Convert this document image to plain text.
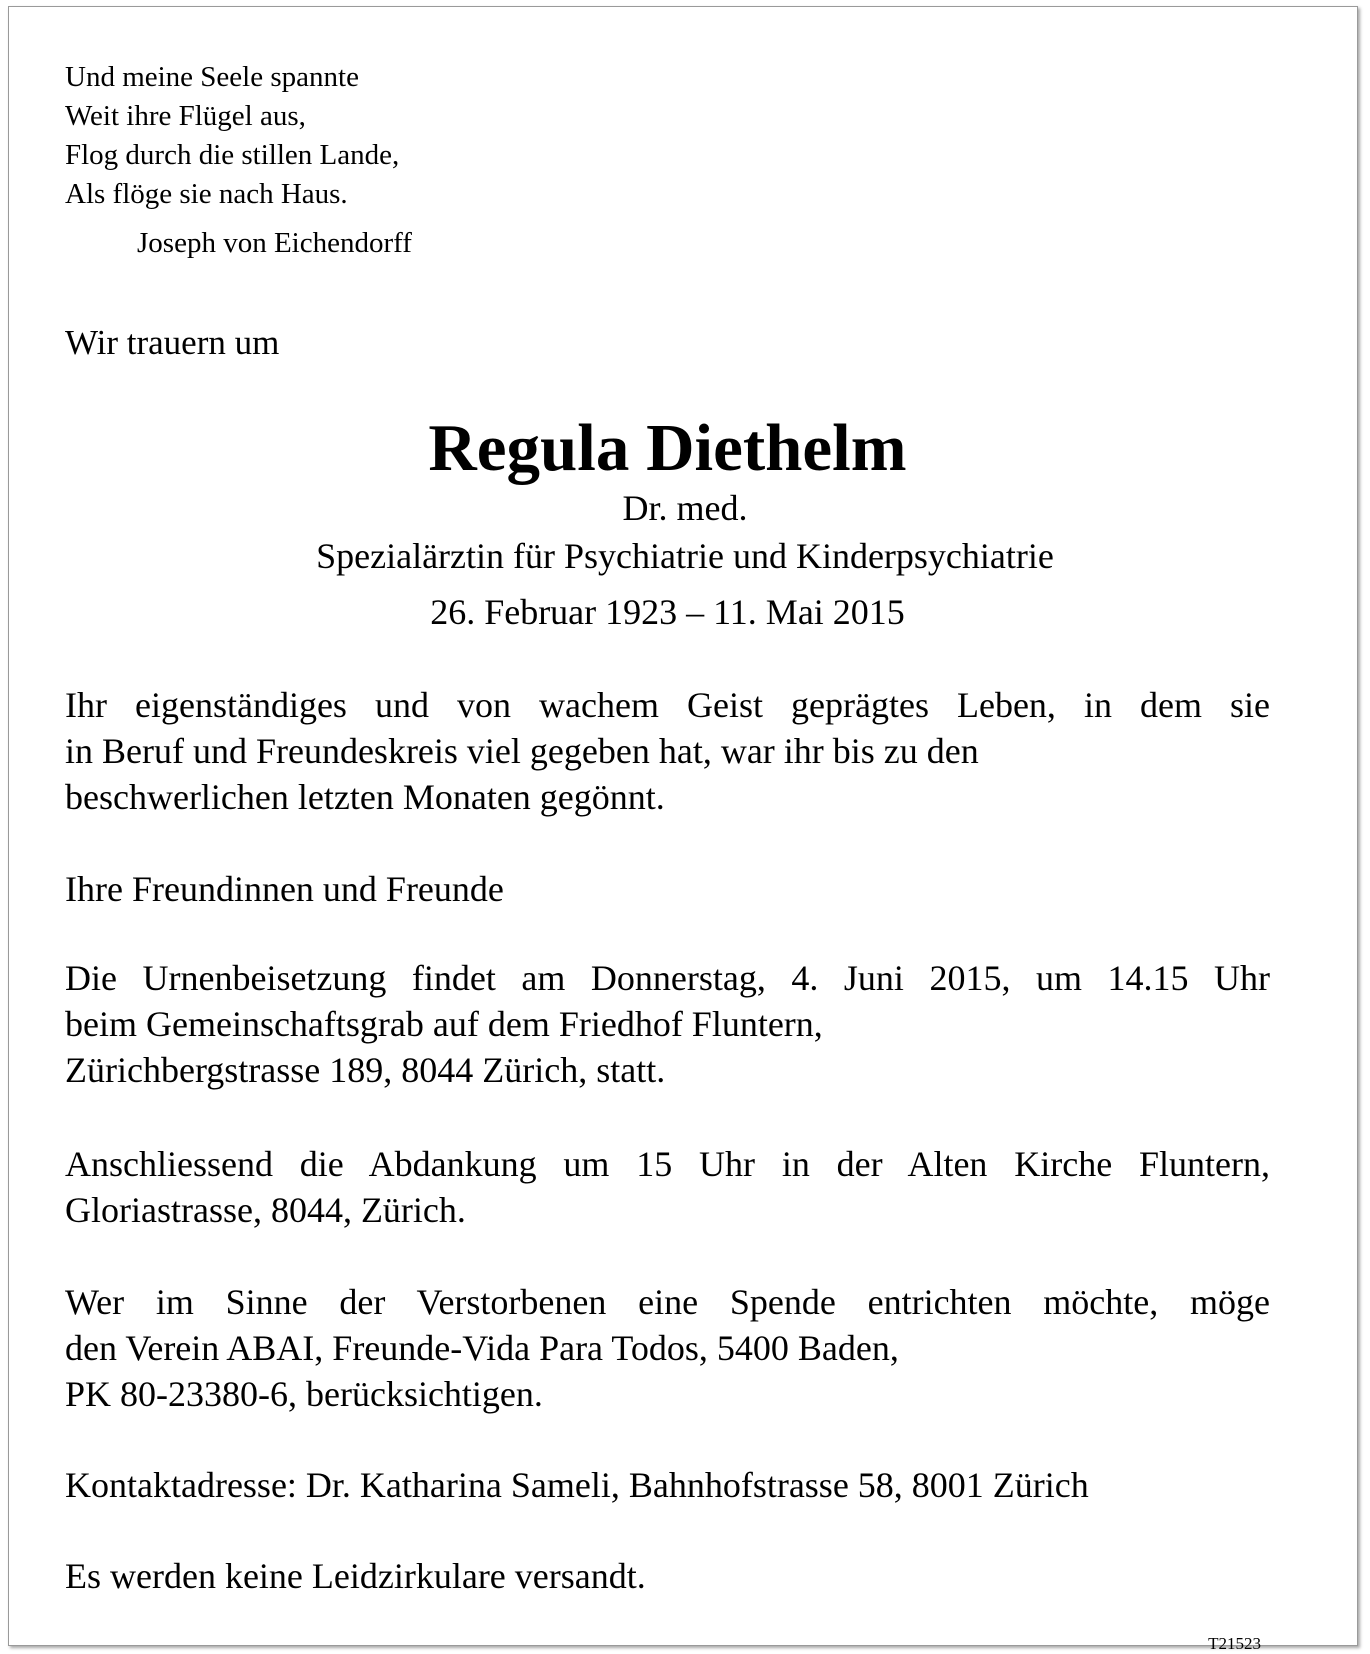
Und meine Seele spannte
Weit ihre Flügel aus,
Flog durch die stillen Lande,
Als flöge sie nach Haus.
Joseph von Eichendorff
Wir trauern um
Regula Diethelm
Dr. med.
Spezialärztin für Psychiatrie und Kinderpsychiatrie
26. Februar 1923 – 11. Mai 2015
Ihr eigenständiges und von wachem Geist geprägtes Leben, in dem sie
in Beruf und Freundeskreis viel gegeben hat, war ihr bis zu den
beschwerlichen letzten Monaten gegönnt.
Ihre Freundinnen und Freunde
Die Urnenbeisetzung findet am Donnerstag, 4. Juni 2015, um 14.15 Uhr
beim Gemeinschaftsgrab auf dem Friedhof Fluntern,
Zürichbergstrasse 189, 8044 Zürich, statt.
Anschliessend die Abdankung um 15 Uhr in der Alten Kirche Fluntern,
Gloriastrasse, 8044, Zürich.
Wer im Sinne der Verstorbenen eine Spende entrichten möchte, möge
den Verein ABAI, Freunde-Vida Para Todos, 5400 Baden,
PK 80-23380-6, berücksichtigen.
Kontaktadresse: Dr. Katharina Sameli, Bahnhofstrasse 58, 8001 Zürich
Es werden keine Leidzirkulare versandt.
T21523
